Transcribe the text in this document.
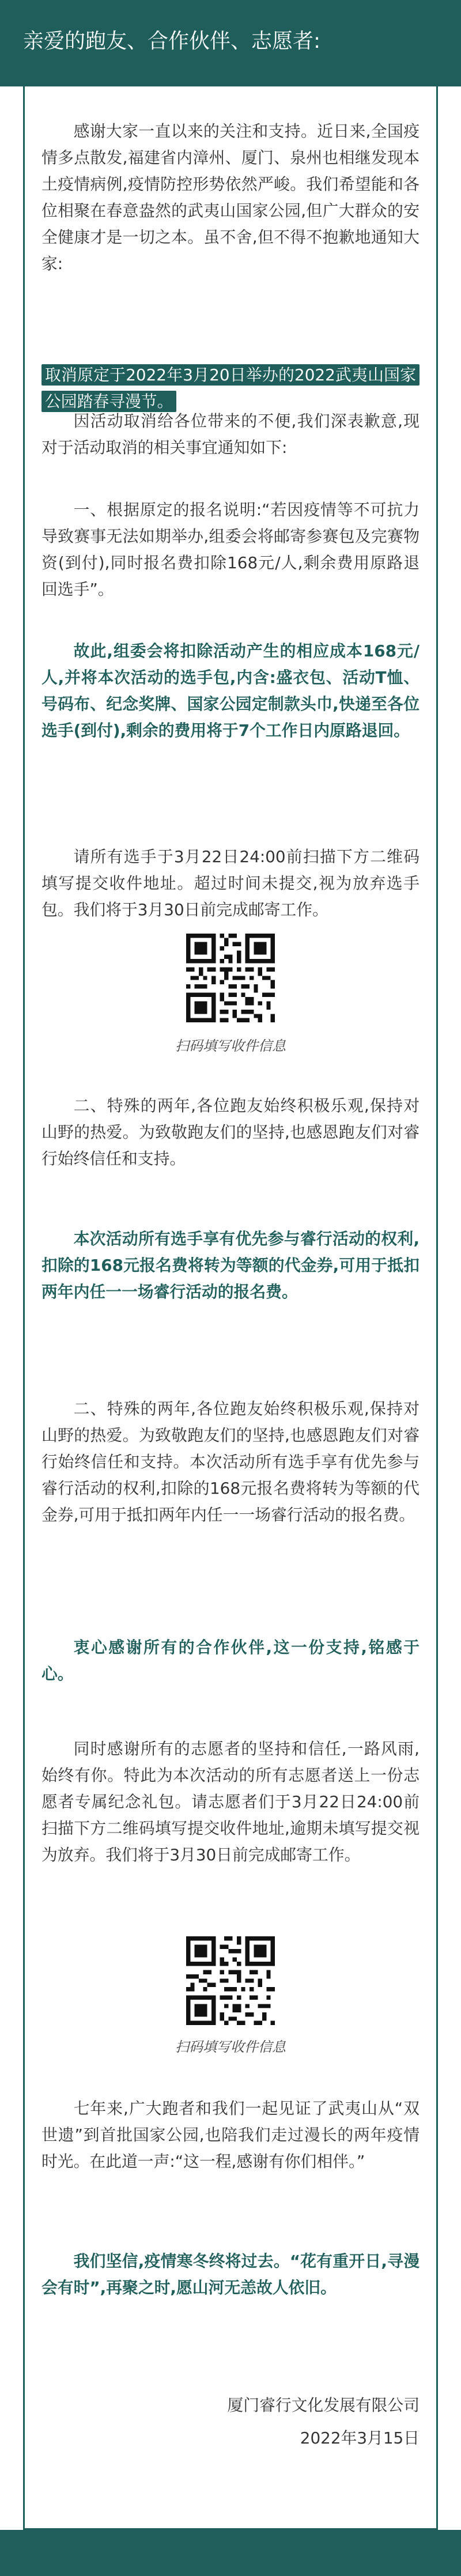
亲爱的跑友、合作伙伴、志愿者:

感谢大家一直以来的关注和支持。近日来,全国疫情多点散发,福建省内漳州、厦门、泉州也相继发现本土疫情病例,疫情防控形势依然严峻。我们希望能和各位相聚在春意盎然的武夷山国家公园,但广大群众的安全健康才是一切之本。虽不舍,但不得不抱歉地通知大家:

取消原定于2022年3月20日举办的2022武夷山国家公园踏春寻漫节。

因活动取消给各位带来的不便,我们深表歉意,现对于活动取消的相关事宜通知如下:

一、根据原定的报名说明:“若因疫情等不可抗力导致赛事无法如期举办,组委会将邮寄参赛包及完赛物资(到付),同时报名费扣除168元/人,剩余费用原路退回选手”。

故此,组委会将扣除活动产生的相应成本168元/人,并将本次活动的选手包,内含:盛衣包、活动T恤、号码布、纪念奖牌、国家公园定制款头巾,快递至各位选手(到付),剩余的费用将于7个工作日内原路退回。

请所有选手于3月22日24:00前扫描下方二维码填写提交收件地址。超过时间未提交,视为放弃选手包。我们将于3月30日前完成邮寄工作。

扫码填写收件信息

二、特殊的两年,各位跑友始终积极乐观,保持对山野的热爱。为致敬跑友们的坚持,也感恩跑友们对睿行始终信任和支持。

本次活动所有选手享有优先参与睿行活动的权利,扣除的168元报名费将转为等额的代金券,可用于抵扣两年内任一一场睿行活动的报名费。

二、特殊的两年,各位跑友始终积极乐观,保持对山野的热爱。为致敬跑友们的坚持,也感恩跑友们对睿行始终信任和支持。本次活动所有选手享有优先参与睿行活动的权利,扣除的168元报名费将转为等额的代金券,可用于抵扣两年内任一一场睿行活动的报名费。

衷心感谢所有的合作伙伴,这一份支持,铭感于心。

同时感谢所有的志愿者的坚持和信任,一路风雨,始终有你。特此为本次活动的所有志愿者送上一份志愿者专属纪念礼包。请志愿者们于3月22日24:00前扫描下方二维码填写提交收件地址,逾期未填写提交视为放弃。我们将于3月30日前完成邮寄工作。

扫码填写收件信息

七年来,广大跑者和我们一起见证了武夷山从“双世遗”到首批国家公园,也陪我们走过漫长的两年疫情时光。在此道一声:“这一程,感谢有你们相伴。”

我们坚信,疫情寒冬终将过去。“花有重开日,寻漫会有时”,再聚之时,愿山河无恙故人依旧。

厦门睿行文化发展有限公司
2022年3月15日
